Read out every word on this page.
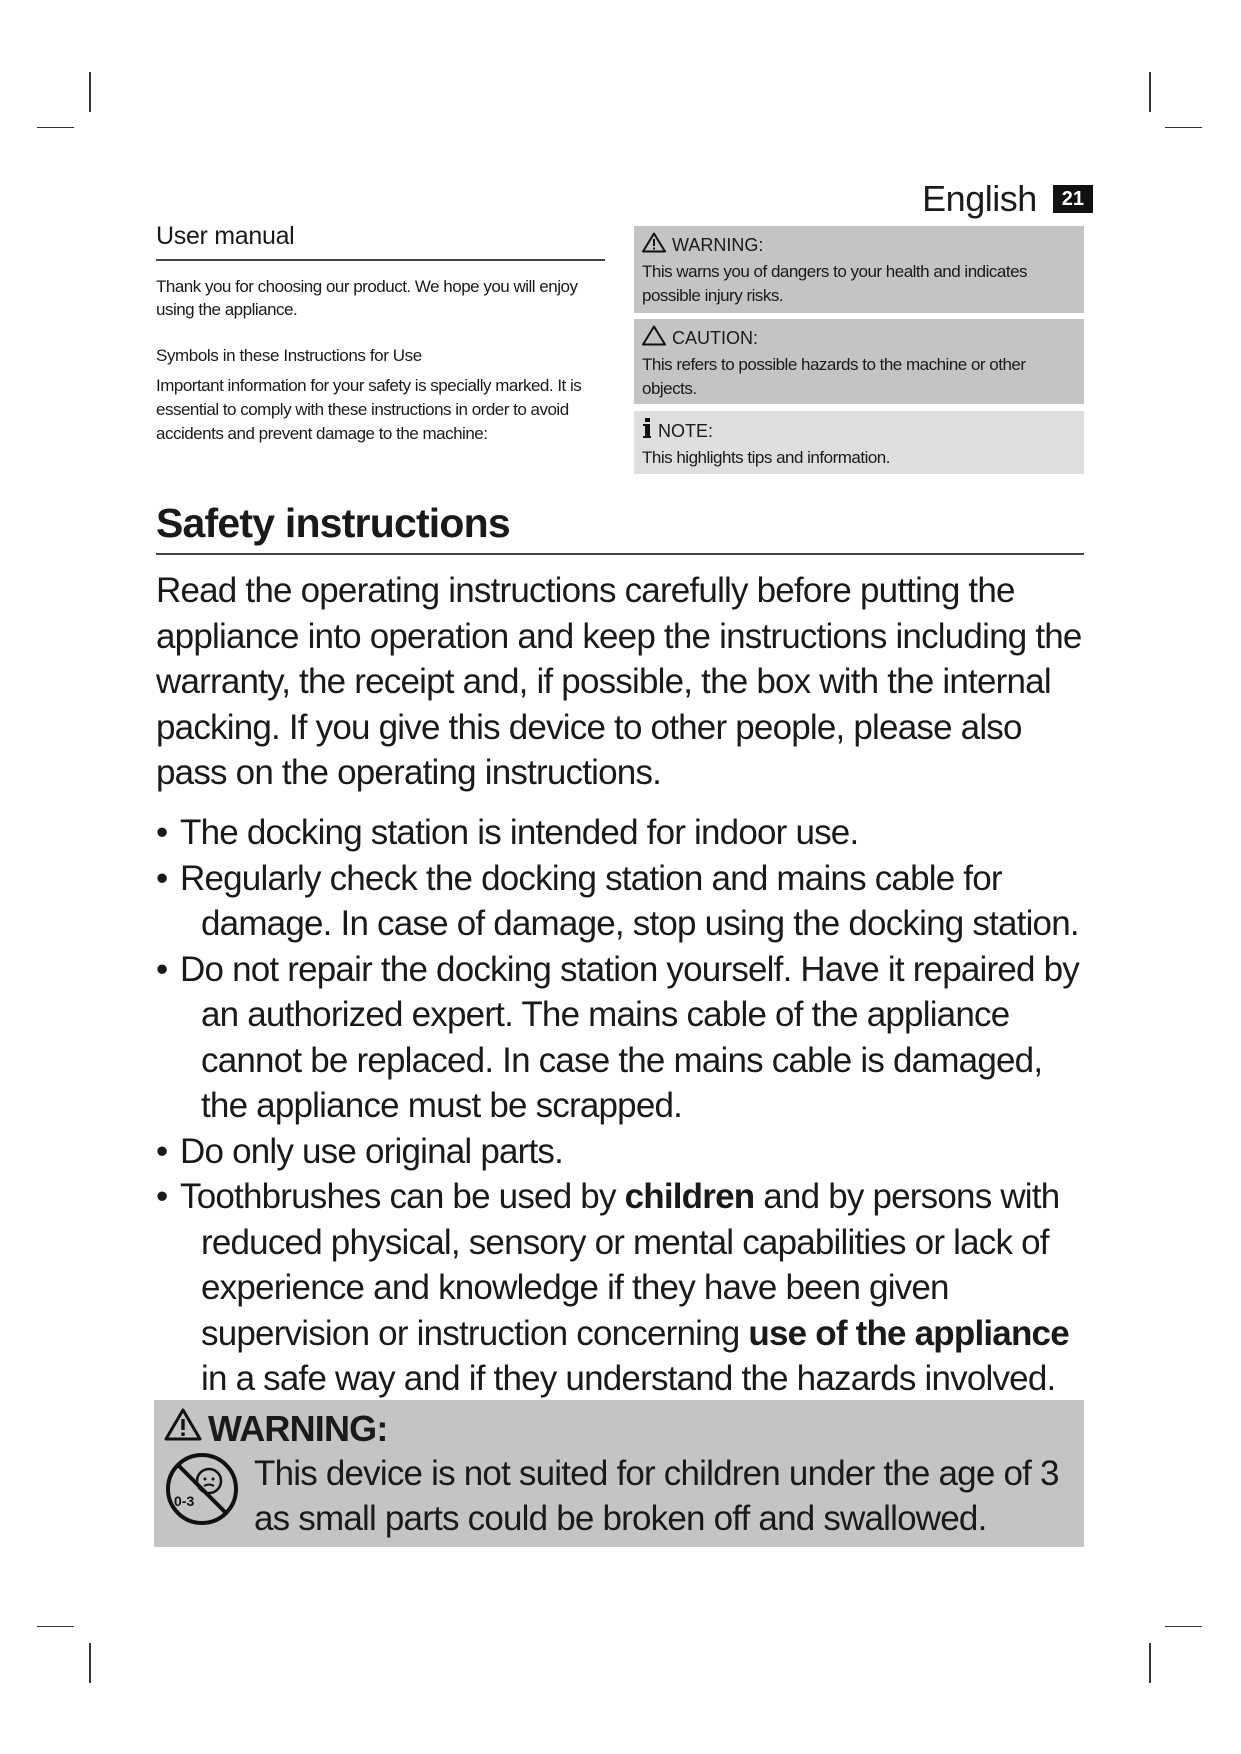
English	21
User manual

Thank you for choosing our product. We hope you will enjoy using the appliance.

Symbols in these Instructions for Use

Important information for your safety is specially marked. It is essential to comply with these instructions in order to avoid accidents and prevent damage to the machine:

WARNING:

This warns you of dangers to your health and indicates possible injury risks.

CAUTION:

This refers to possible hazards to the machine or other objects.

NOTE:

This highlights tips and information.

Safety instructions

Read the operating instructions carefully before putting the appliance into operation and keep the instructions including the warranty, the receipt and, if possible, the box with the internal packing. If you give this device to other people, please also pass on the operating instructions.

• The docking station is intended for indoor use.
• Regularly check the docking station and mains cable for damage. In case of damage, stop using the docking station.
• Do not repair the docking station yourself. Have it repaired by an authorized expert. The mains cable of the appliance cannot be replaced. In case the mains cable is damaged, the appliance must be scrapped.
• Do only use original parts.
• Toothbrushes can be used by children and by persons with reduced physical, sensory or mental capabilities or lack of experience and knowledge if they have been given supervision or instruction concerning use of the appliance in a safe way and if they understand the hazards involved.
WARNING:
0-3

This device is not suited for children under the age of 3 as small parts could be broken off and swallowed.
